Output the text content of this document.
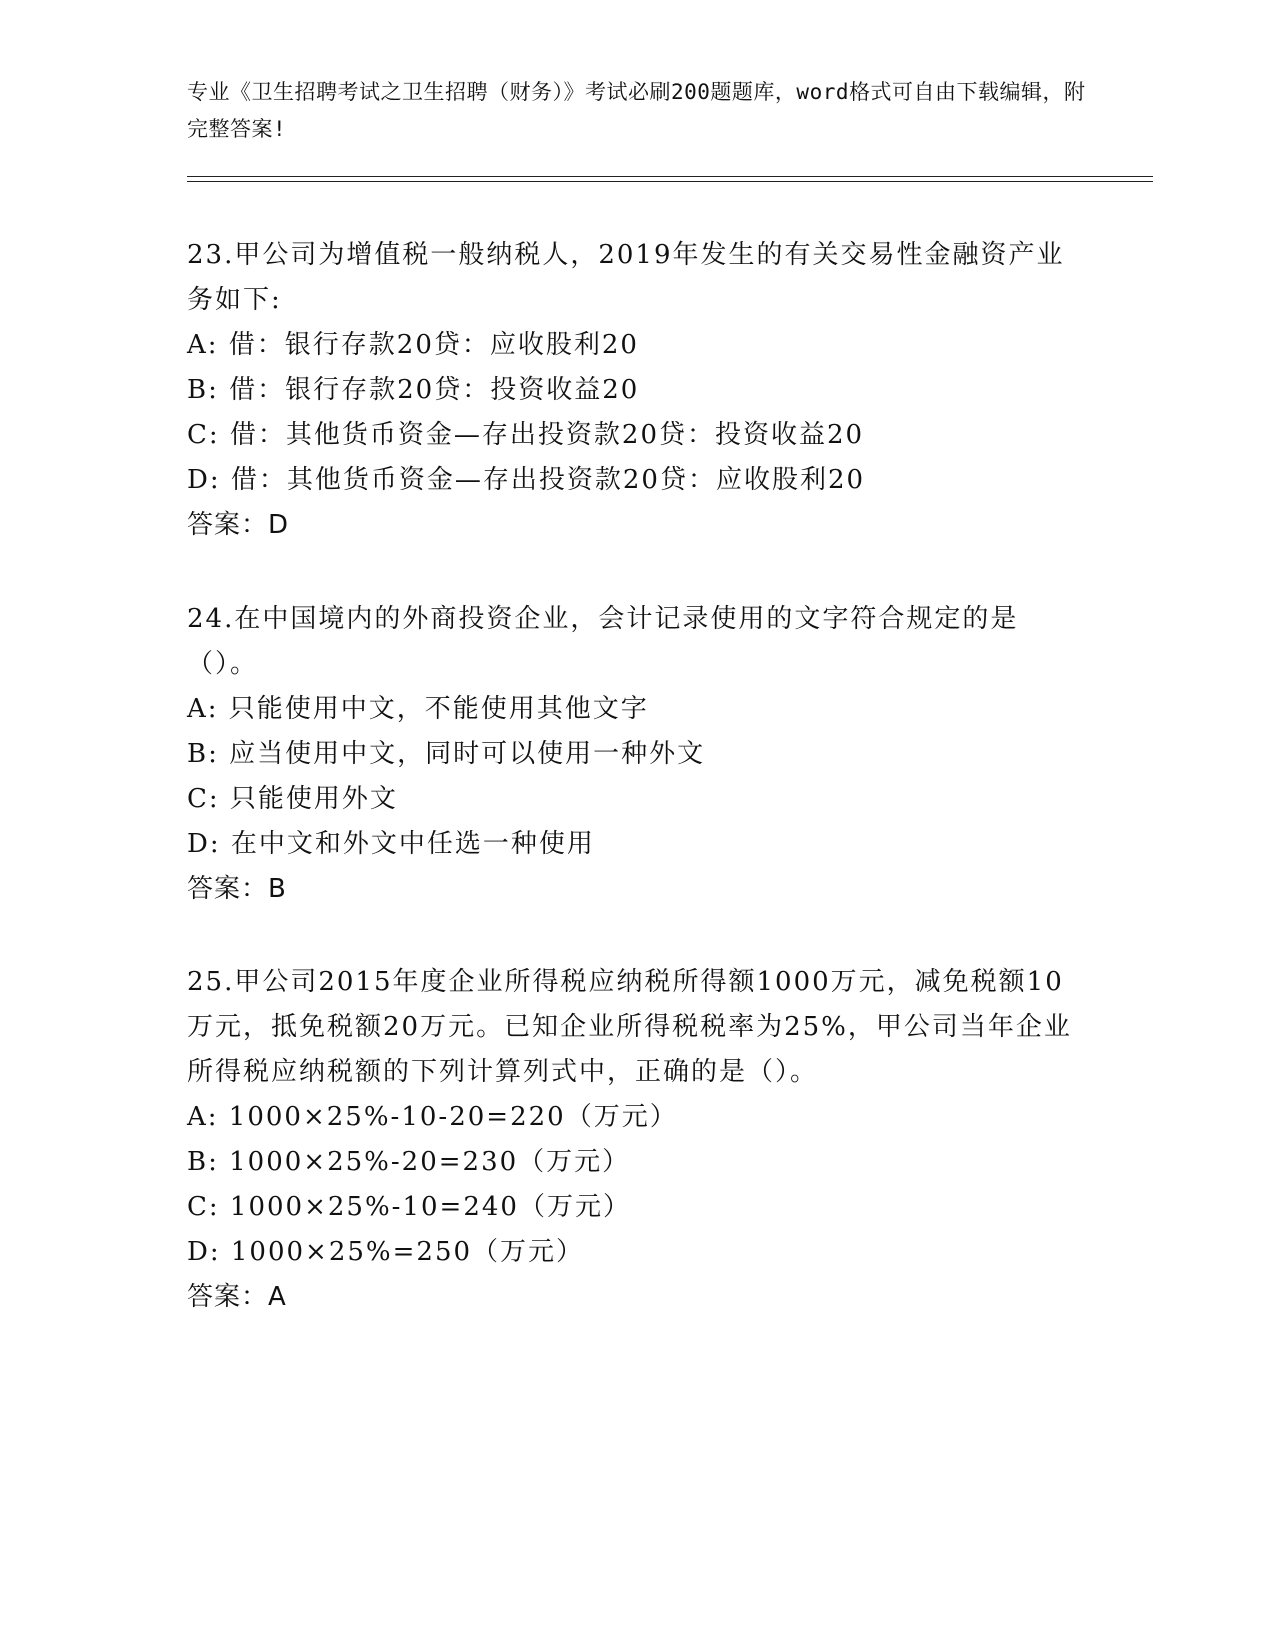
专业《卫生招聘考试之卫生招聘（财务）》考试必刷200题题库，word格式可自由下载编辑，附完整答案!
23.甲公司为增值税一般纳税人，2019年发生的有关交易性金融资产业务如下:
A: 借：银行存款20贷：应收股利20
B: 借：银行存款20贷：投资收益20
C: 借：其他货币资金—存出投资款20贷：投资收益20
D: 借：其他货币资金—存出投资款20贷：应收股利20
答案：D
24.在中国境内的外商投资企业，会计记录使用的文字符合规定的是（）。
A: 只能使用中文，不能使用其他文字
B: 应当使用中文，同时可以使用一种外文
C: 只能使用外文
D: 在中文和外文中任选一种使用
答案：B
25.甲公司2015年度企业所得税应纳税所得额1000万元，减免税额10万元，抵免税额20万元。已知企业所得税税率为25%，甲公司当年企业所得税应纳税额的下列计算列式中，正确的是（）。
A: 1000×25%-10-20=220（万元）
B: 1000×25%-20=230（万元）
C: 1000×25%-10=240（万元）
D: 1000×25%=250（万元）
答案：A
